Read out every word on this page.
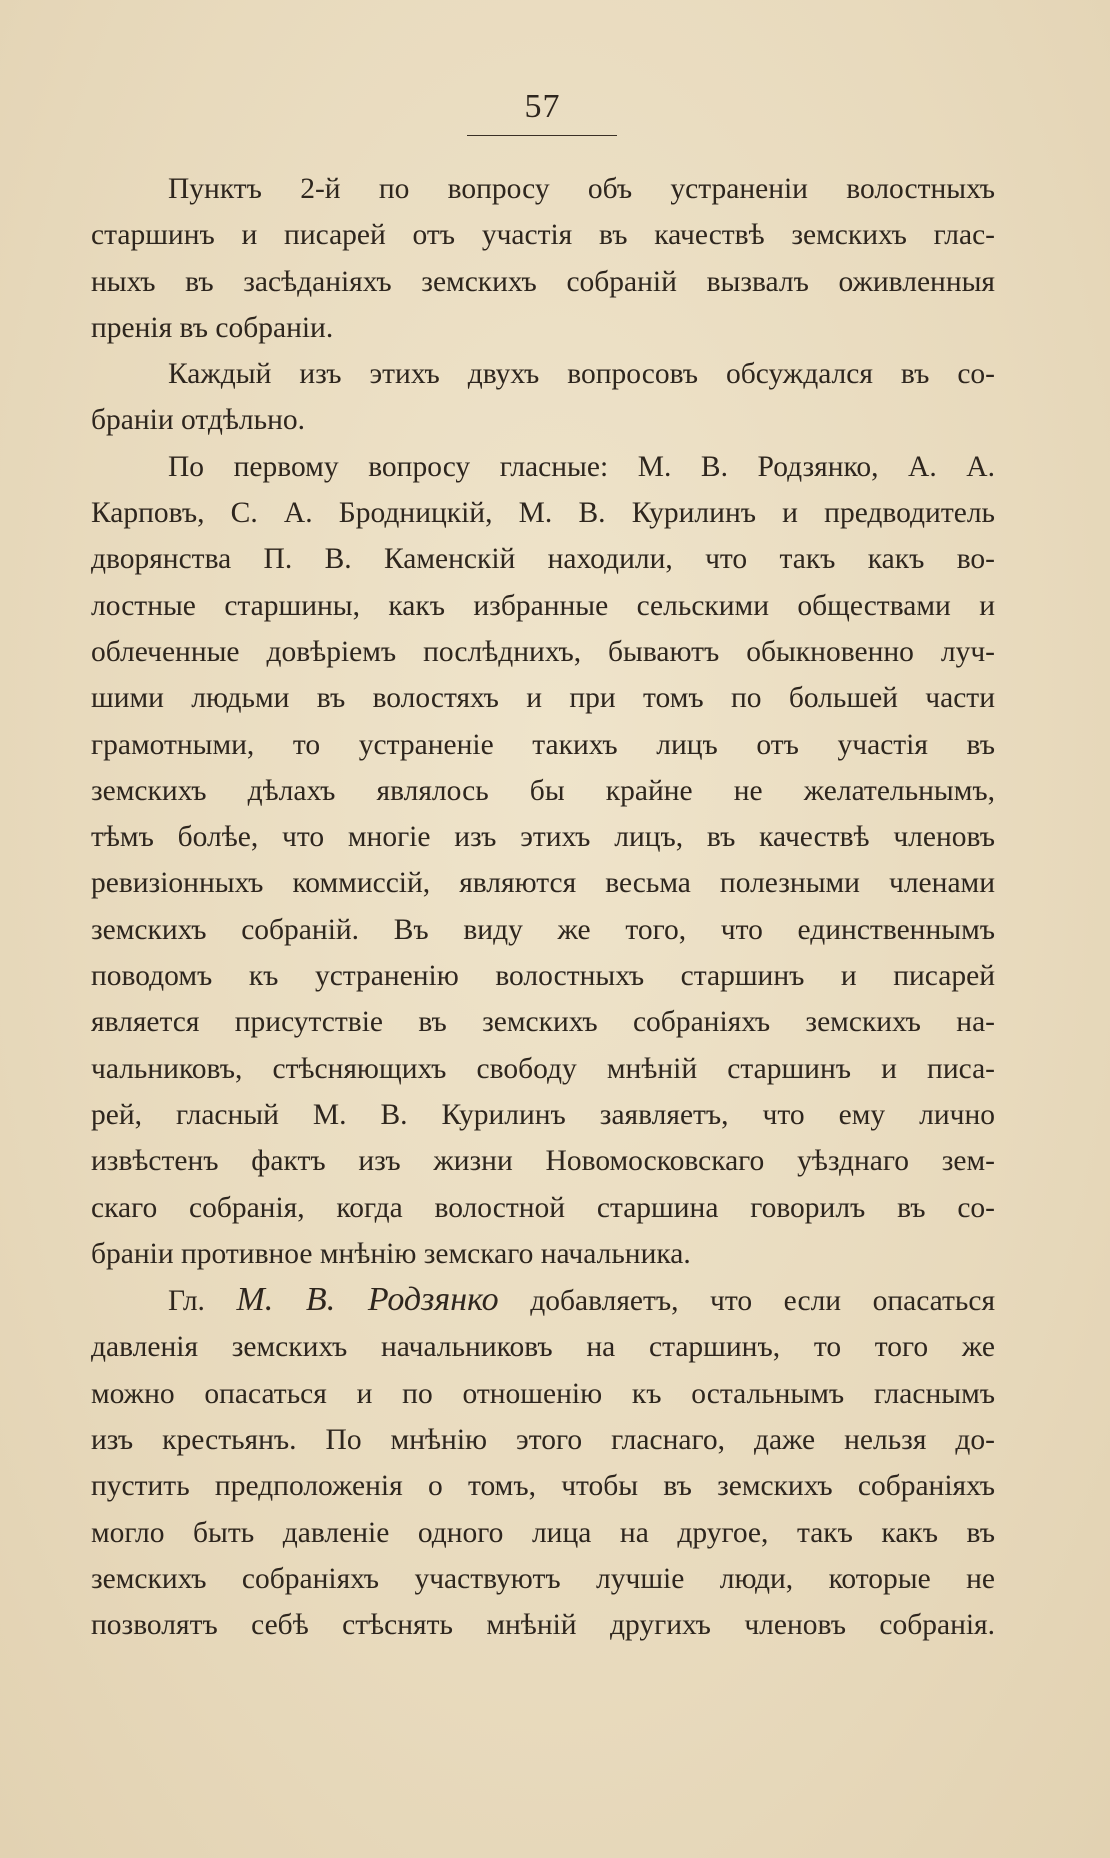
57

Пунктъ 2-й по вопросу объ устраненіи волостныхъ
старшинъ и писарей отъ участія въ качествѣ земскихъ глас-
ныхъ въ засѣданіяхъ земскихъ собраній вызвалъ оживленныя
пренія въ собраніи.

Каждый изъ этихъ двухъ вопросовъ обсуждался въ со-
браніи отдѣльно.

По первому вопросу гласные: М. В. Родзянко, А. А.
Карповъ, С. А. Бродницкій, М. В. Курилинъ и предводитель
дворянства П. В. Каменскій находили, что такъ какъ во-
лостные старшины, какъ избранные сельскими обществами и
облеченные довѣріемъ послѣднихъ, бываютъ обыкновенно луч-
шими людьми въ волостяхъ и при томъ по большей части
грамотными, то устраненіе такихъ лицъ отъ участія въ
земскихъ дѣлахъ являлось бы крайне не желательнымъ,
тѣмъ болѣе, что многіе изъ этихъ лицъ, въ качествѣ членовъ
ревизіонныхъ коммиссій, являются весьма полезными членами
земскихъ собраній. Въ виду же того, что единственнымъ
поводомъ къ устраненію волостныхъ старшинъ и писарей
является присутствіе въ земскихъ собраніяхъ земскихъ на-
чальниковъ, стѣсняющихъ свободу мнѣній старшинъ и писа-
рей, гласный М. В. Курилинъ заявляетъ, что ему лично
извѣстенъ фактъ изъ жизни Новомосковскаго уѣзднаго зем-
скаго собранія, когда волостной старшина говорилъ въ со-
браніи противное мнѣнію земскаго начальника.

Гл. М. В. Родзянко добавляетъ, что если опасаться
давленія земскихъ начальниковъ на старшинъ, то того же
можно опасаться и по отношенію къ остальнымъ гласнымъ
изъ крестьянъ. По мнѣнію этого гласнаго, даже нельзя до-
пустить предположенія о томъ, чтобы въ земскихъ собраніяхъ
могло быть давленіе одного лица на другое, такъ какъ въ
земскихъ собраніяхъ участвуютъ лучшіе люди, которые не
позволятъ себѣ стѣснять мнѣній другихъ членовъ собранія.
